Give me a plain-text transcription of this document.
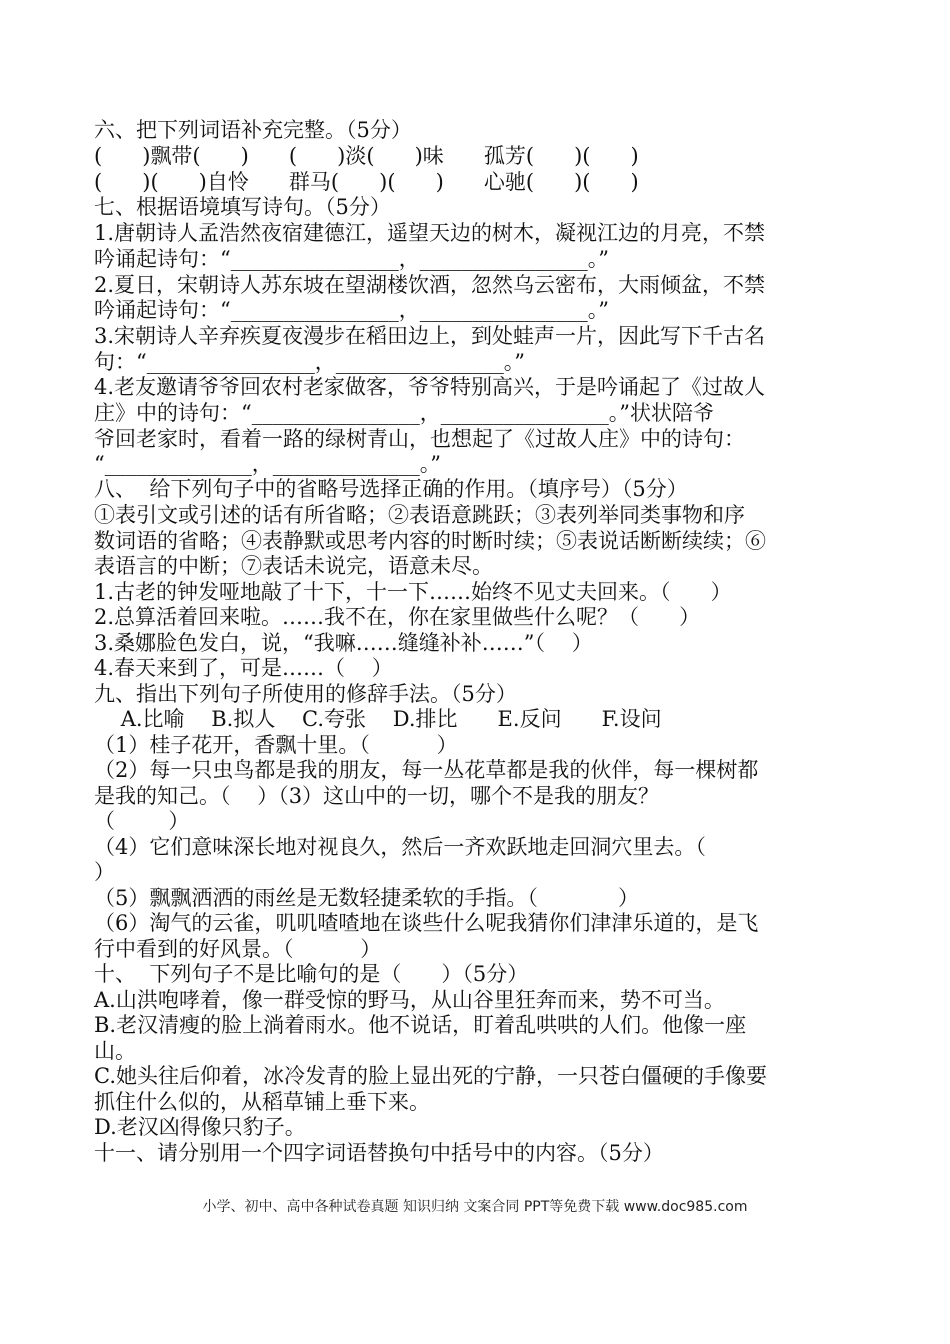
六、把下列词语补充完整。（5分）
(      )飘带(      )      (      )淡(      )味      孤芳(      )(      )
(      )(      )自怜      群马(      )(      )      心驰(      )(      )
七、根据语境填写诗句。（5分）
1.唐朝诗人孟浩然夜宿建德江，遥望天边的树木，凝视江边的月亮，不禁
吟诵起诗句：“________________，________________。”
2.夏日，宋朝诗人苏东坡在望湖楼饮酒，忽然乌云密布，大雨倾盆，不禁
吟诵起诗句：“________________，________________。”
3.宋朝诗人辛弃疾夏夜漫步在稻田边上，到处蛙声一片，因此写下千古名
句：“________________，________________。”
4.老友邀请爷爷回农村老家做客，爷爷特别高兴，于是吟诵起了《过故人
庄》中的诗句：“________________，________________。”状状陪爷
爷回老家时，看着一路的绿树青山，也想起了《过故人庄》中的诗句：
“______________，______________。”
八、  给下列句子中的省略号选择正确的作用。（填序号）（5分）
①表引文或引述的话有所省略；②表语意跳跃；③表列举同类事物和序
数词语的省略；④表静默或思考内容的时断时续；⑤表说话断断续续；⑥
表语言的中断；⑦表话未说完，语意未尽。
1.古老的钟发哑地敲了十下，十一下……始终不见丈夫回来。（      ）
2.总算活着回来啦。……我不在，你在家里做些什么呢？（      ）
3.桑娜脸色发白，说，“我嘛……缝缝补补……”（    ）
4.春天来到了，可是……（    ）
九、指出下列句子所使用的修辞手法。（5分）
A.比喻    B.拟人    C.夸张    D.排比      E.反问      F.设问
（1）桂子花开，香飘十里。（          ）
（2）每一只虫鸟都是我的朋友，每一丛花草都是我的伙伴，每一棵树都
是我的知己。（    ）（3）这山中的一切，哪个不是我的朋友？
（        ）
（4）它们意味深长地对视良久，然后一齐欢跃地走回洞穴里去。（
）
（5）飘飘洒洒的雨丝是无数轻捷柔软的手指。（            ）
（6）淘气的云雀，叽叽喳喳地在谈些什么呢我猜你们津津乐道的，是飞
行中看到的好风景。（          ）
十、  下列句子不是比喻句的是（      ）（5分）
A.山洪咆哮着，像一群受惊的野马，从山谷里狂奔而来，势不可当。
B.老汉清瘦的脸上淌着雨水。他不说话，盯着乱哄哄的人们。他像一座
山。
C.她头往后仰着，冰冷发青的脸上显出死的宁静，一只苍白僵硬的手像要
抓住什么似的，从稻草铺上垂下来。
D.老汉凶得像只豹子。
十一、请分别用一个四字词语替换句中括号中的内容。（5分）
小学、初中、高中各种试卷真题 知识归纳 文案合同 PPT等免费下载 www.doc985.com
